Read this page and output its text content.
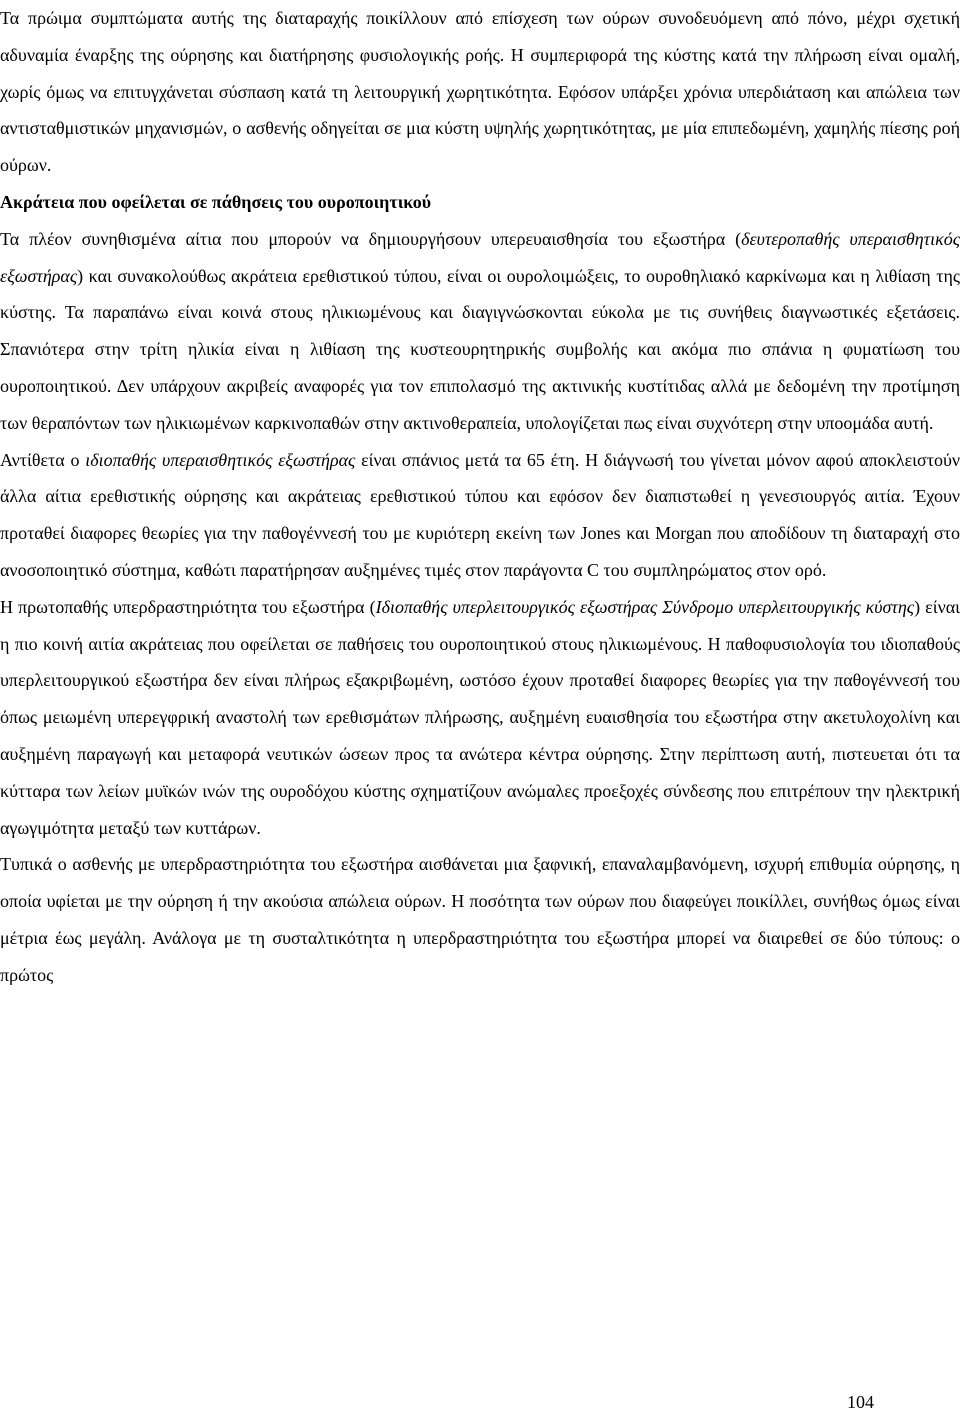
Τα πρώιμα συμπτώματα αυτής της διαταραχής ποικίλλουν από επίσχεση των ούρων συνοδευόμενη από πόνο, μέχρι σχετική αδυναμία έναρξης της ούρησης και διατήρησης φυσιολογικής ροής. Η συμπεριφορά της κύστης κατά την πλήρωση είναι ομαλή, χωρίς όμως να επιτυγχάνεται σύσπαση κατά τη λειτουργική χωρητικότητα. Εφόσον υπάρξει χρόνια υπερδιάταση και απώλεια των αντισταθμιστικών μηχανισμών, ο ασθενής οδηγείται σε μια κύστη υψηλής χωρητικότητας, με μία επιπεδωμένη, χαμηλής πίεσης ροή ούρων.

Ακράτεια που οφείλεται σε πάθησεις του ουροποιητικού

Τα πλέον συνηθισμένα αίτια που μπορούν να δημιουργήσουν υπερευαισθησία του εξωστήρα (δευτεροπαθής υπεραισθητικός εξωστήρας) και συνακολούθως ακράτεια ερεθιστικού τύπου, είναι οι ουρολοιμώξεις, το ουροθηλιακό καρκίνωμα και η λιθίαση της κύστης. Τα παραπάνω είναι κοινά στους ηλικιωμένους και διαγιγνώσκονται εύκολα με τις συνήθεις διαγνωστικές εξετάσεις. Σπανιότερα στην τρίτη ηλικία είναι η λιθίαση της κυστεουρητηρικής συμβολής και ακόμα πιο σπάνια η φυματίωση του ουροποιητικού. Δεν υπάρχουν ακριβείς αναφορές για τον επιπολασμό της ακτινικής κυστίτιδας αλλά με δεδομένη την προτίμηση των θεραπόντων των ηλικιωμένων καρκινοπαθών στην ακτινοθεραπεία, υπολογίζεται πως είναι συχνότερη στην υποομάδα αυτή.

Αντίθετα ο ιδιοπαθής υπεραισθητικός εξωστήρας είναι σπάνιος μετά τα 65 έτη. Η διάγνωσή του γίνεται μόνον αφού αποκλειστούν άλλα αίτια ερεθιστικής ούρησης και ακράτειας ερεθιστικού τύπου και εφόσον δεν διαπιστωθεί η γενεσιουργός αιτία. Έχουν προταθεί διαφορες θεωρίες για την παθογέννεσή του με κυριότερη εκείνη των Jones και Morgan που αποδίδουν τη διαταραχή στο ανοσοποιητικό σύστημα, καθώτι παρατήρησαν αυξημένες τιμές στον παράγοντα C του συμπληρώματος στον ορό.

Η πρωτοπαθής υπερδραστηριότητα του εξωστήρα (Ιδιοπαθής υπερλειτουργικός εξωστήρας Σύνδρομο υπερλειτουργικής κύστης) είναι η πιο κοινή αιτία ακράτειας που οφείλεται σε παθήσεις του ουροποιητικού στους ηλικιωμένους. Η παθοφυσιολογία του ιδιοπαθούς υπερλειτουργικού εξωστήρα δεν είναι πλήρως εξακριβωμένη, ωστόσο έχουν προταθεί διαφορες θεωρίες για την παθογέννεσή του όπως μειωμένη υπερεγφρική αναστολή των ερεθισμάτων πλήρωσης, αυξημένη ευαισθησία του εξωστήρα στην ακετυλοχολίνη και αυξημένη παραγωγή και μεταφορά νευτικών ώσεων προς τα ανώτερα κέντρα ούρησης. Στην περίπτωση αυτή, πιστευεται ότι τα κύτταρα των λείων μυϊκών ινών της ουροδόχου κύστης σχηματίζουν ανώμαλες προεξοχές σύνδεσης που επιτρέπουν την ηλεκτρική αγωγιμότητα μεταξύ των κυττάρων.

Τυπικά ο ασθενής με υπερδραστηριότητα του εξωστήρα αισθάνεται μια ξαφνική, επαναλαμβανόμενη, ισχυρή επιθυμία ούρησης, η οποία υφίεται με την ούρηση ή την ακούσια απώλεια ούρων. Η ποσότητα των ούρων που διαφεύγει ποικίλλει, συνήθως όμως είναι μέτρια έως μεγάλη. Ανάλογα με τη συσταλτικότητα η υπερδραστηριότητα του εξωστήρα μπορεί να διαιρεθεί σε δύο τύπους: ο πρώτος

104
